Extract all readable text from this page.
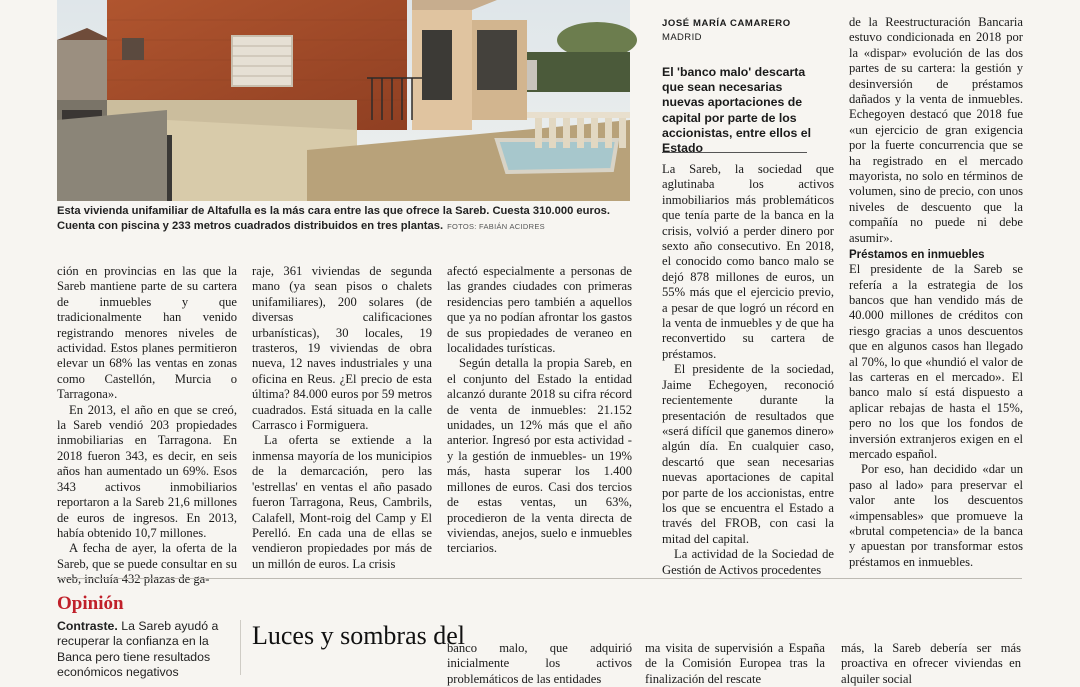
Esta vivienda unifamiliar de Altafulla es la más cara entre las que ofrece la Sareb. Cuesta 310.000 euros. Cuenta con piscina y 233 metros cuadrados distribuidos en tres plantas. FOTOS: FABIÁN ACIDRES

ción en provincias en las que la Sareb mantiene parte de su cartera de inmuebles y que tradicionalmente han venido registrando menores niveles de actividad. Estos planes permitieron elevar un 68% las ventas en zonas como Castellón, Murcia o Tarragona».

En 2013, el año en que se creó, la Sareb vendió 203 propiedades inmobiliarias en Tarragona. En 2018 fueron 343, es decir, en seis años han aumentado un 69%. Esos 343 activos inmobiliarios reportaron a la Sareb 21,6 millones de euros de ingresos. En 2013, había obtenido 10,7 millones.

A fecha de ayer, la oferta de la Sareb, que se puede consultar en su web, incluía 432 plazas de ga-

raje, 361 viviendas de segunda mano (ya sean pisos o chalets unifamiliares), 200 solares (de diversas calificaciones urbanísticas), 30 locales, 19 trasteros, 19 viviendas de obra nueva, 12 naves industriales y una oficina en Reus. ¿El precio de esta última? 84.000 euros por 59 metros cuadrados. Está situada en la calle Carrasco i Formiguera.

La oferta se extiende a la inmensa mayoría de los municipios de la demarcación, pero las 'estrellas' en ventas el año pasado fueron Tarragona, Reus, Cambrils, Calafell, Mont-roig del Camp y El Perelló. En cada una de ellas se vendieron propiedades por más de un millón de euros. La crisis

afectó especialmente a personas de las grandes ciudades con primeras residencias pero también a aquellos que ya no podían afrontar los gastos de sus propiedades de veraneo en localidades turísticas.

Según detalla la propia Sareb, en el conjunto del Estado la entidad alcanzó durante 2018 su cifra récord de venta de inmuebles: 21.152 unidades, un 12% más que el año anterior. Ingresó por esta actividad -y la gestión de inmuebles- un 19% más, hasta superar los 1.400 millones de euros. Casi dos tercios de estas ventas, un 63%, procedieron de la venta directa de viviendas, anejos, suelo e inmuebles terciarios.

JOSÉ MARÍA CAMARERO
MADRID
El 'banco malo' descarta que sean necesarias nuevas aportaciones de capital por parte de los accionistas, entre ellos el Estado

La Sareb, la sociedad que aglutinaba los activos inmobiliarios más problemáticos que tenía parte de la banca en la crisis, volvió a perder dinero por sexto año consecutivo. En 2018, el conocido como banco malo se dejó 878 millones de euros, un 55% más que el ejercicio previo, a pesar de que logró un récord en la venta de inmuebles y de que ha reconvertido su cartera de préstamos.

El presidente de la sociedad, Jaime Echegoyen, reconoció recientemente durante la presentación de resultados que «será difícil que ganemos dinero» algún día. En cualquier caso, descartó que sean necesarias nuevas aportaciones de capital por parte de los accionistas, entre los que se encuentra el Estado a través del FROB, con casi la mitad del capital.

La actividad de la Sociedad de Gestión de Activos procedentes

de la Reestructuración Bancaria estuvo condicionada en 2018 por la «dispar» evolución de las dos partes de su cartera: la gestión y desinversión de préstamos dañados y la venta de inmuebles. Echegoyen destacó que 2018 fue «un ejercicio de gran exigencia por la fuerte concurrencia que se ha registrado en el mercado mayorista, no solo en términos de volumen, sino de precio, con unos niveles de descuento que la compañía no puede ni debe asumir».

Préstamos en inmuebles

El presidente de la Sareb se refería a la estrategia de los bancos que han vendido más de 40.000 millones de créditos con riesgo gracias a unos descuentos que en algunos casos han llegado al 70%, lo que «hundió el valor de las carteras en el mercado». El banco malo sí está dispuesto a aplicar rebajas de hasta el 15%, pero no los que los fondos de inversión extranjeros exigen en el mercado español.

Por eso, han decidido «dar un paso al lado» para preservar el valor ante los descuentos «impensables» que promueve la «brutal competencia» de la banca y apuestan por transformar estos préstamos en inmuebles.

Opinión
Contraste. La Sareb ayudó a recuperar la confianza en la Banca pero tiene resultados económicos negativos
Luces y sombras del

banco malo, que adquirió inicialmente los activos problemáticos de las entidades

ma visita de supervisión a España de la Comisión Europea tras la finalización del rescate

más, la Sareb debería ser más proactiva en ofrecer viviendas en alquiler social
